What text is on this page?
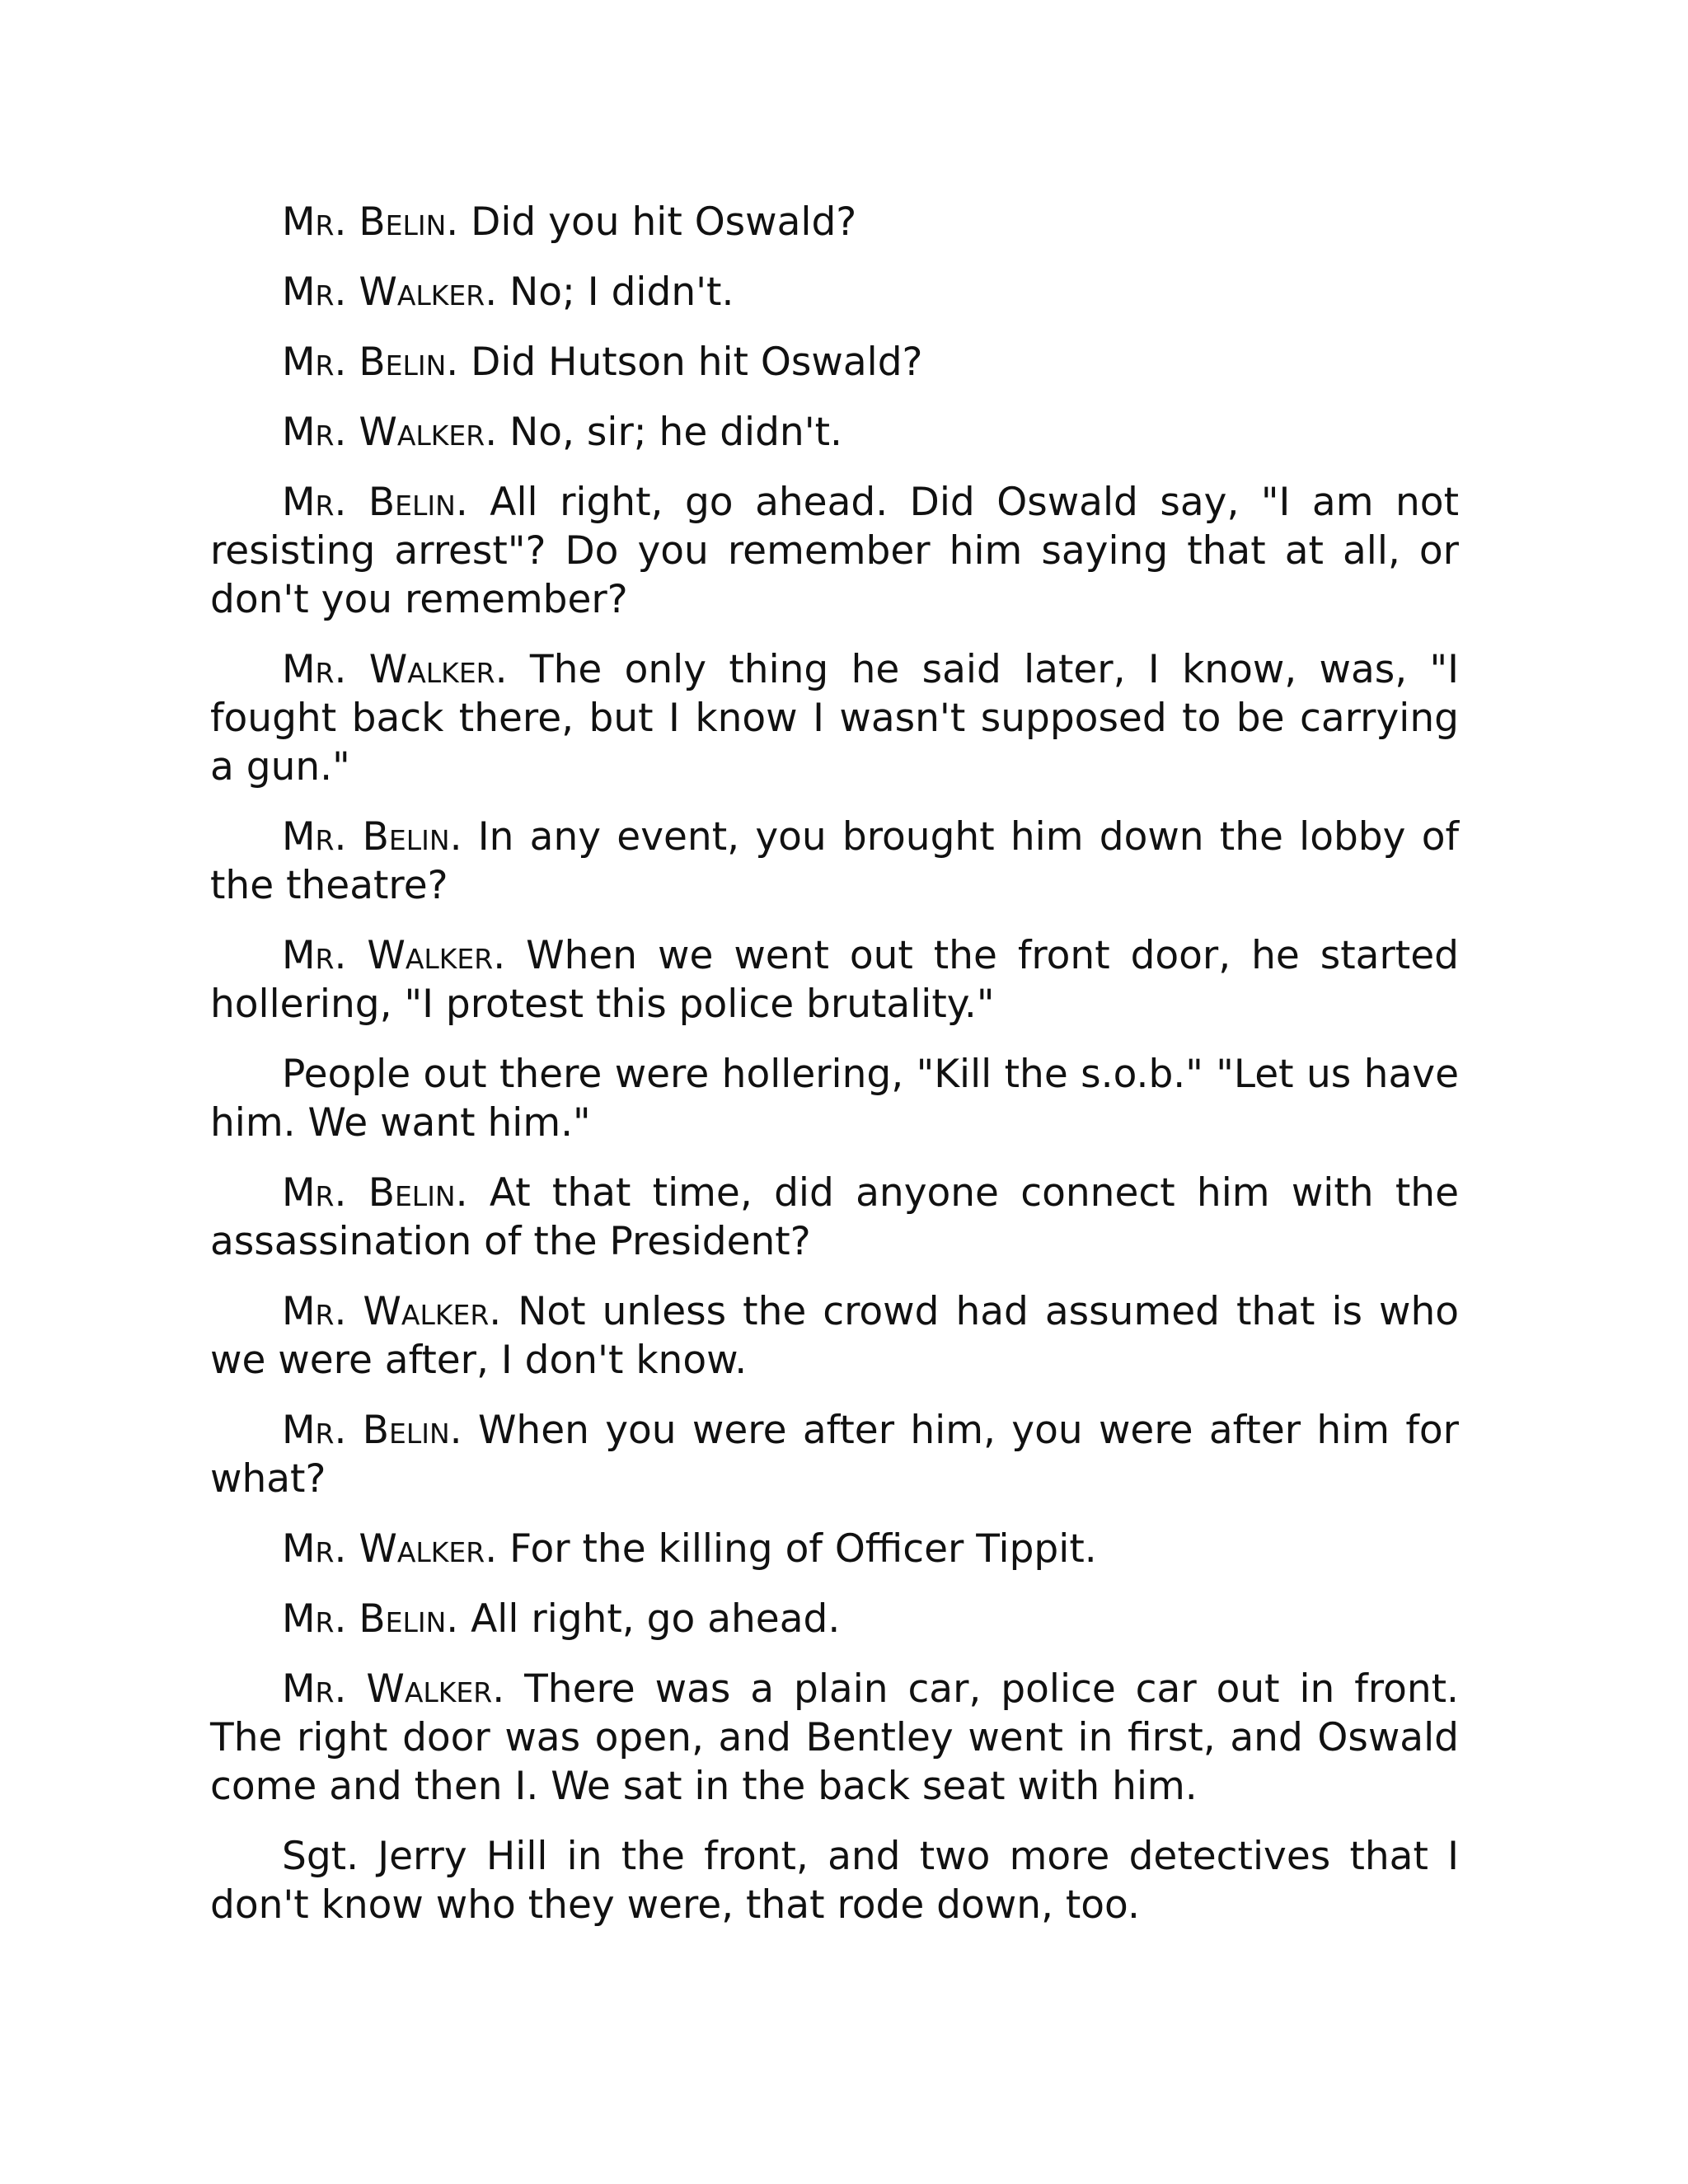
Mr. Belin. Did you hit Oswald?

Mr. Walker. No; I didn't.

Mr. Belin. Did Hutson hit Oswald?

Mr. Walker. No, sir; he didn't.

Mr. Belin. All right, go ahead. Did Oswald say, "I am not resisting arrest"? Do you remember him saying that at all, or don't you remember?

Mr. Walker. The only thing he said later, I know, was, "I fought back there, but I know I wasn't supposed to be carrying a gun."

Mr. Belin. In any event, you brought him down the lobby of the theatre?

Mr. Walker. When we went out the front door, he started hollering, "I protest this police brutality."

People out there were hollering, "Kill the s.o.b." "Let us have him. We want him."

Mr. Belin. At that time, did anyone connect him with the assassination of the President?

Mr. Walker. Not unless the crowd had assumed that is who we were after, I don't know.

Mr. Belin. When you were after him, you were after him for what?

Mr. Walker. For the killing of Officer Tippit.

Mr. Belin. All right, go ahead.

Mr. Walker. There was a plain car, police car out in front. The right door was open, and Bentley went in first, and Oswald come and then I. We sat in the back seat with him.

Sgt. Jerry Hill in the front, and two more detectives that I don't know who they were, that rode down, too.
